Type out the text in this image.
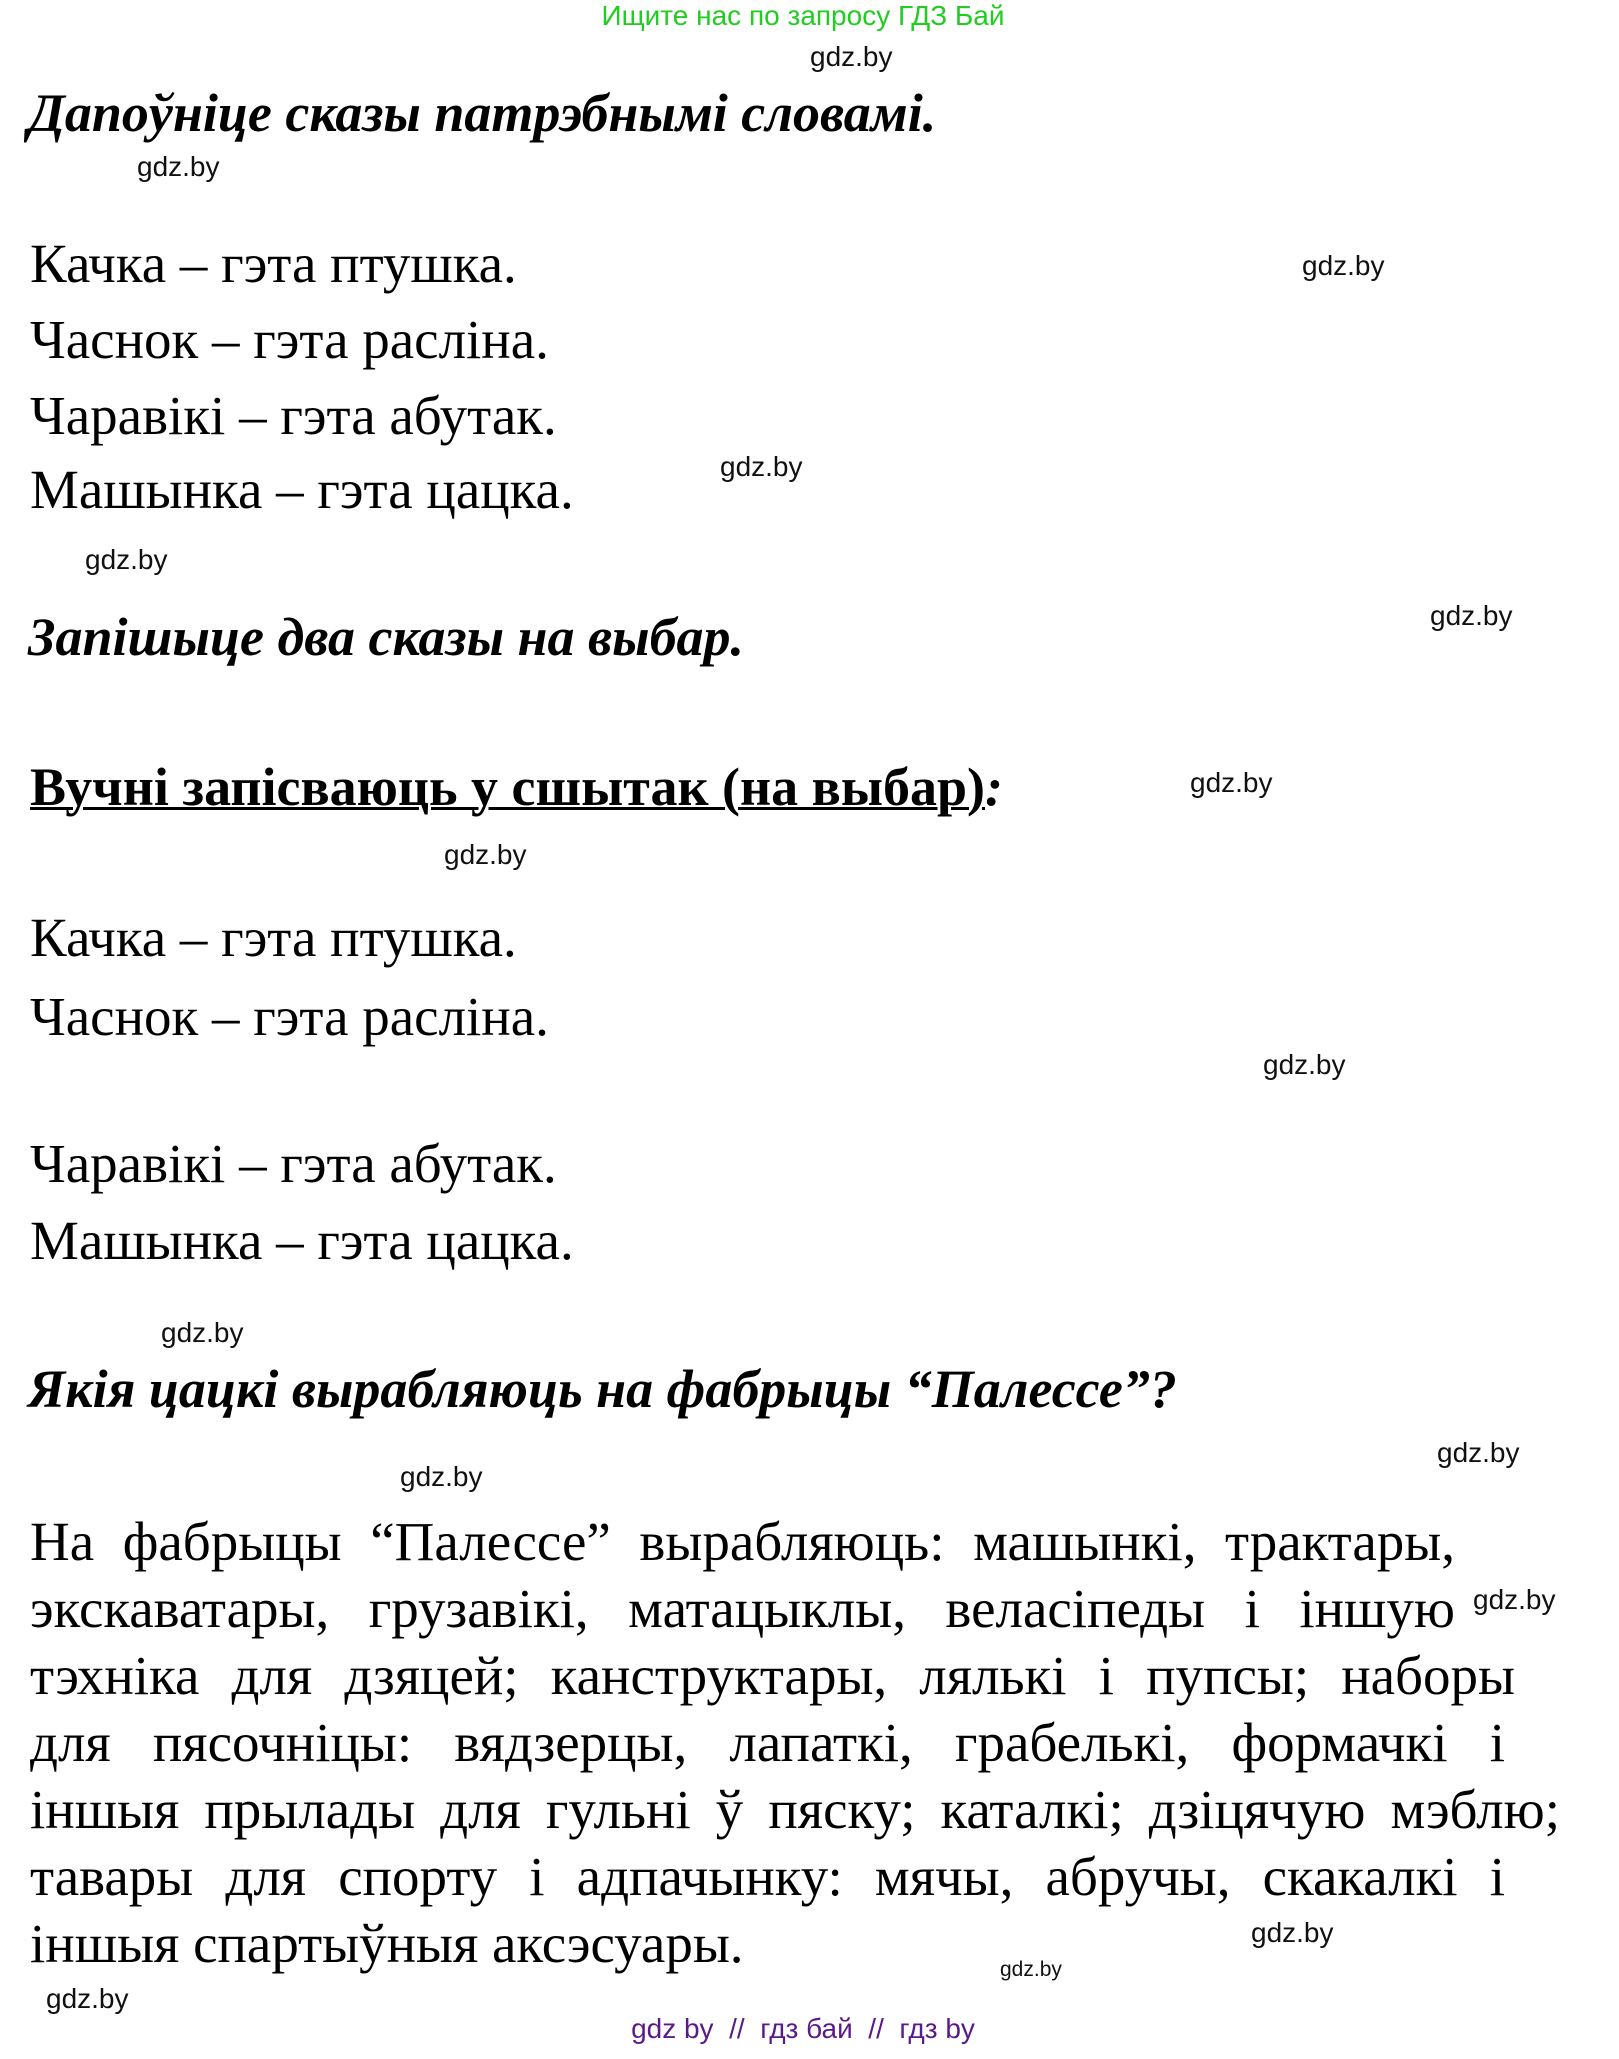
Ищите нас по запросу ГДЗ Бай
gdz.by
gdz.by
gdz.by
gdz.by
gdz.by
gdz.by
gdz.by
gdz.by
gdz.by
gdz.by
gdz.by
gdz.by
gdz.by
gdz.by
gdz.by
gdz.by
Дапоўніце сказы патрэбнымі словамі.
Качка – гэта птушка.
Часнок – гэта расліна.
Чаравікі – гэта абутак.
Машынка – гэта цацка.
Запішыце два сказы на выбар.
Вучні запісваюць у сшытак (на выбар):
Качка – гэта птушка.
Часнок – гэта расліна.
Чаравікі – гэта абутак.
Машынка – гэта цацка.
Якія цацкі вырабляюць на фабрыцы “Палессе”?
На фабрыцы “Палессе” вырабляюць: машынкі, трактары,
экскаватары, грузавікі, матацыклы, веласіпеды і іншую
тэхніка для дзяцей; канструктары, лялькі і пупсы; наборы
для пясочніцы: вядзерцы, лапаткі, грабелькі, формачкі і
іншыя прылады для гульні ў пяску; каталкі; дзіцячую мэблю;
тавары для спорту і адпачынку: мячы, абручы, скакалкі і
іншыя спартыўныя аксэсуары.
gdz by  //  гдз бай  //  гдз by
